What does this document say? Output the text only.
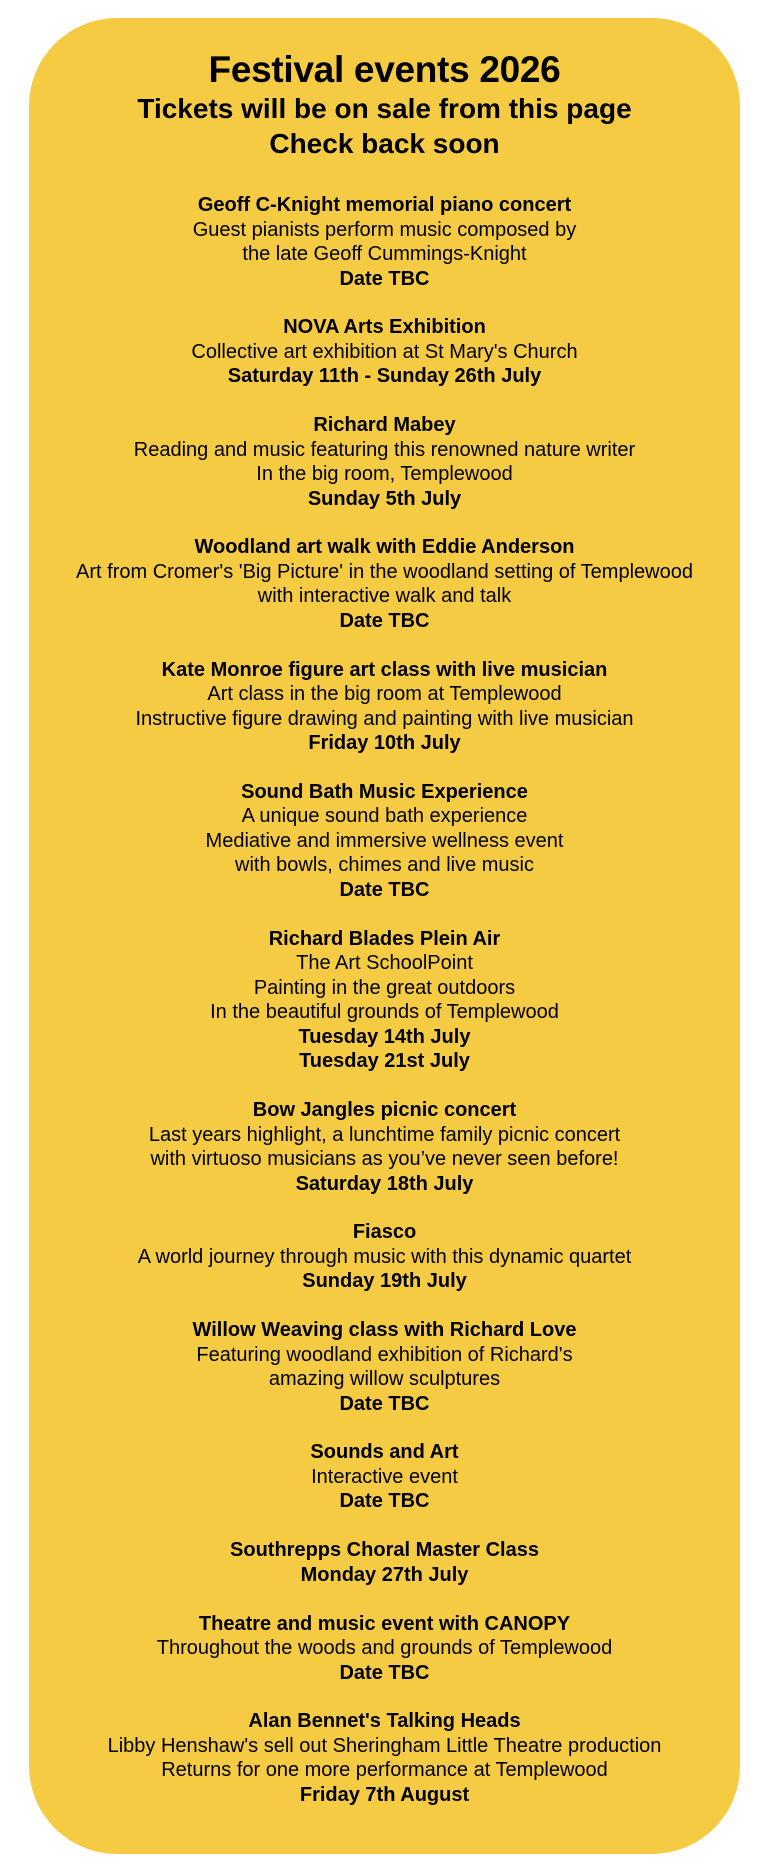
Festival events 2026
Tickets will be on sale from this page
Check back soon
Geoff C-Knight memorial piano concert
Guest pianists perform music composed by
the late Geoff Cummings-Knight
Date TBC
NOVA Arts Exhibition
Collective art exhibition at St Mary's Church
Saturday 11th - Sunday 26th July
Richard Mabey
Reading and music featuring this renowned nature writer
In the big room, Templewood
Sunday 5th July
Woodland art walk with Eddie Anderson
Art from Cromer's 'Big Picture' in the woodland setting of Templewood
with interactive walk and talk
Date TBC
Kate Monroe figure art class with live musician
Art class in the big room at Templewood
Instructive figure drawing and painting with live musician
Friday 10th July
Sound Bath Music Experience
A unique sound bath experience
Mediative and immersive wellness event
with bowls, chimes and live music
Date TBC
Richard Blades Plein Air
The Art SchoolPoint
Painting in the great outdoors
In the beautiful grounds of Templewood
Tuesday 14th July
Tuesday 21st July
Bow Jangles picnic concert
Last years highlight, a lunchtime family picnic concert
with virtuoso musicians as you’ve never seen before!
Saturday 18th July
Fiasco
A world journey through music with this dynamic quartet
Sunday 19th July
Willow Weaving class with Richard Love
Featuring woodland exhibition of Richard's
amazing willow sculptures
Date TBC
Sounds and Art
Interactive event
Date TBC
Southrepps Choral Master Class
Monday 27th July
Theatre and music event with CANOPY
Throughout the woods and grounds of Templewood
Date TBC
Alan Bennet's Talking Heads
Libby Henshaw's sell out Sheringham Little Theatre production
Returns for one more performance at Templewood
Friday 7th August
